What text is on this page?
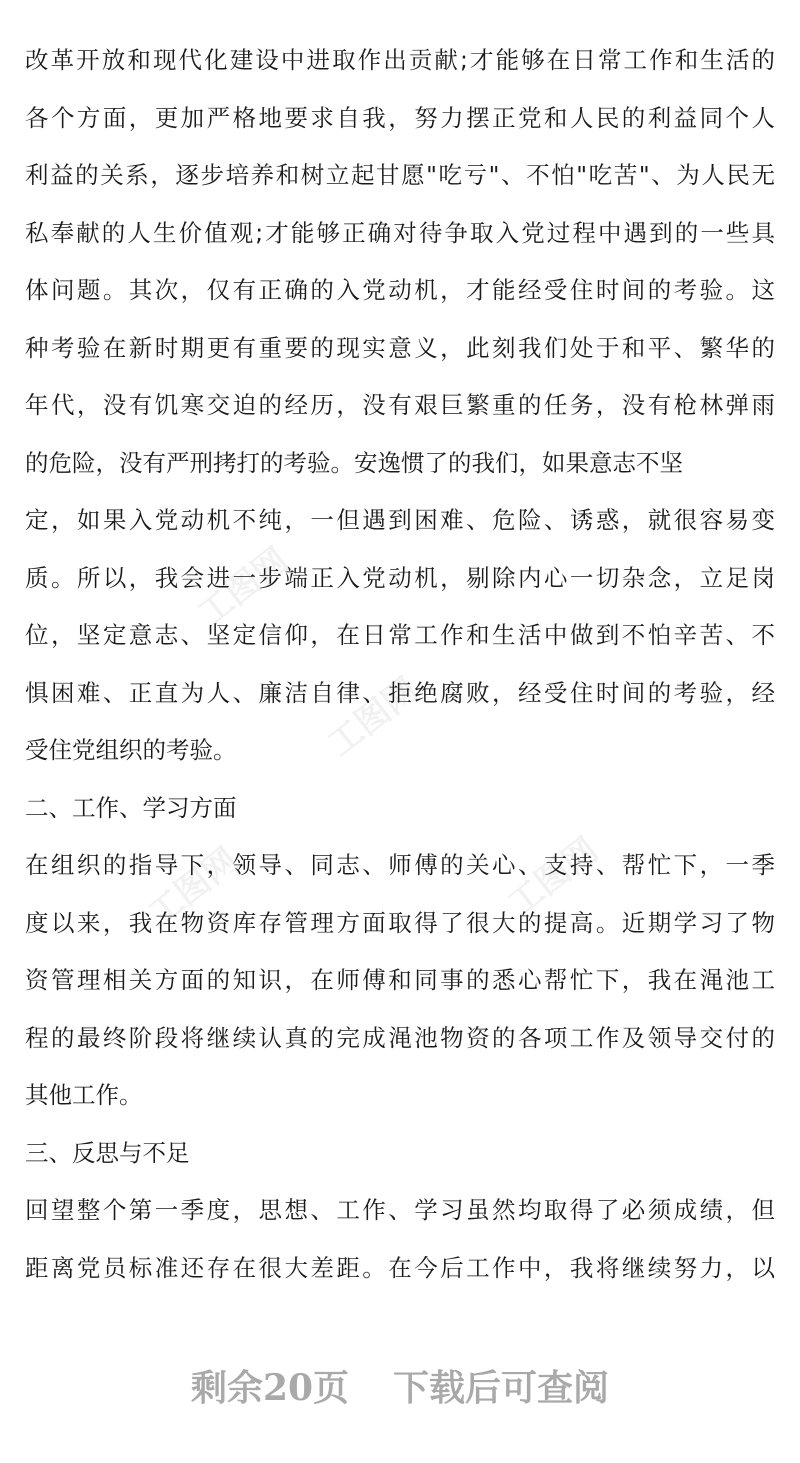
工图网
工图网
工图网	工图网
改革开放和现代化建设中进取作出贡献;才能够在日常工作和生活的
各个方面，更加严格地要求自我，努力摆正党和人民的利益同个人
利益的关系，逐步培养和树立起甘愿"吃亏"、不怕"吃苦"、为人民无
私奉献的人生价值观;才能够正确对待争取入党过程中遇到的一些具
体问题。其次，仅有正确的入党动机，才能经受住时间的考验。这
种考验在新时期更有重要的现实意义，此刻我们处于和平、繁华的
年代，没有饥寒交迫的经历，没有艰巨繁重的任务，没有枪林弹雨
的危险，没有严刑拷打的考验。安逸惯了的我们，如果意志不坚
定，如果入党动机不纯，一但遇到困难、危险、诱惑，就很容易变
质。所以，我会进一步端正入党动机，剔除内心一切杂念，立足岗
位，坚定意志、坚定信仰，在日常工作和生活中做到不怕辛苦、不
惧困难、正直为人、廉洁自律、拒绝腐败，经受住时间的考验，经
受住党组织的考验。
二、工作、学习方面
在组织的指导下，领导、同志、师傅的关心、支持、帮忙下，一季
度以来，我在物资库存管理方面取得了很大的提高。近期学习了物
资管理相关方面的知识，在师傅和同事的悉心帮忙下，我在渑池工
程的最终阶段将继续认真的完成渑池物资的各项工作及领导交付的
其他工作。
三、反思与不足
回望整个第一季度，思想、工作、学习虽然均取得了必须成绩，但
距离党员标准还存在很大差距。在今后工作中，我将继续努力，以
剩余20页 下载后可查阅
